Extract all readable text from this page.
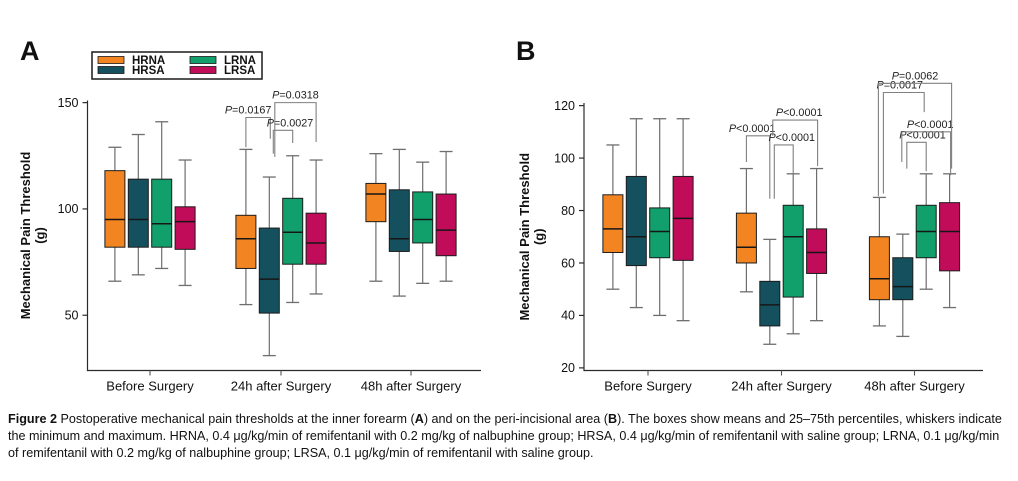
50
100
150
Before Surgery	24h after Surgery 48h after Surgery
P=0.0167
P=0.0027
P=0.0318
Mechanical Pain Threshold(g)
A	HRNA
HRSA
LRNA
LRSA
20
40
60
80
100
120
Before Surgery	24h after Surgery	48h after Surgery
P<0.0001
P<0.0001
P<0.0001
P<0.0001
P<0.0001
P=0.0017
P=0.0062
Mechanical Pain Threshold(g)
B

Figure 2 Postoperative mechanical pain thresholds at the inner forearm (A) and on the peri-incisional area (B). The boxes show means and 25–75th percentiles, whiskers indicate the minimum and maximum. HRNA, 0.4 μg/kg/min of remifentanil with 0.2 mg/kg of nalbuphine group; HRSA, 0.4 μg/kg/min of remifentanil with saline group; LRNA, 0.1 μg/kg/min of remifentanil with 0.2 mg/kg of nalbuphine group; LRSA, 0.1 μg/kg/min of remifentanil with saline group.
